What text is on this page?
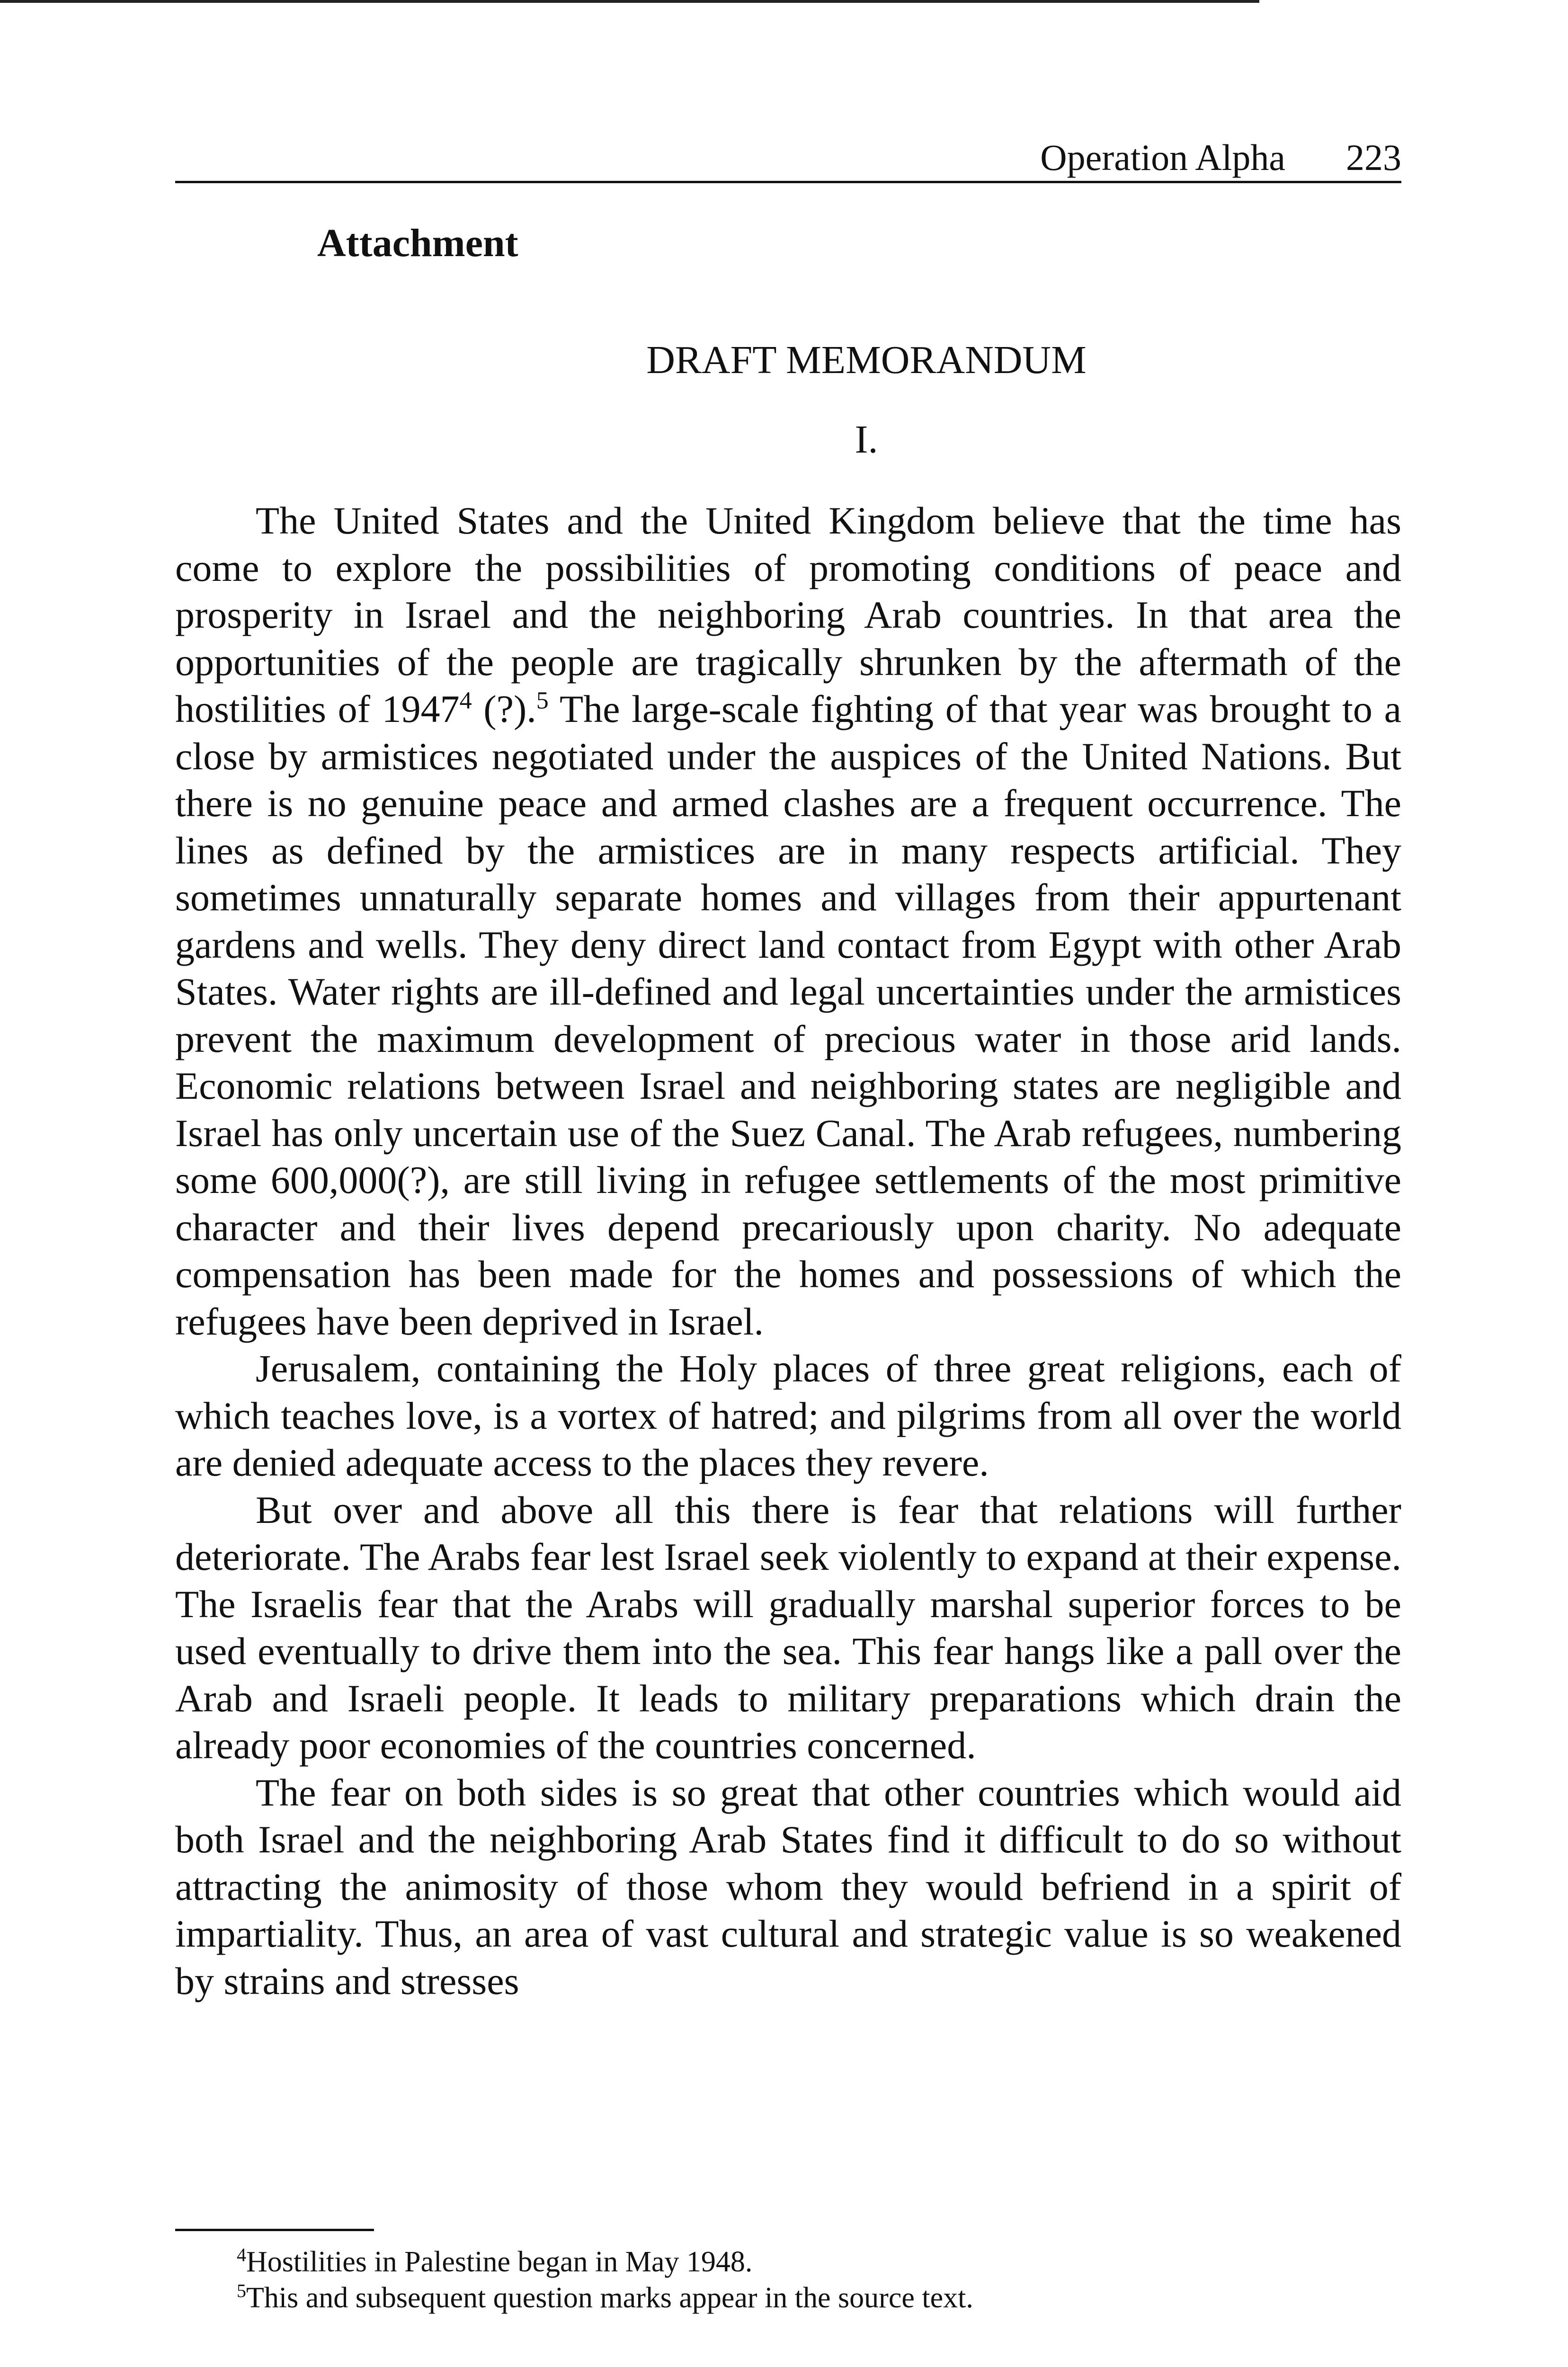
Operation Alpha 223
Attachment
DRAFT MEMORANDUM
I.

The United States and the United Kingdom believe that the time has come to explore the possibilities of promoting conditions of peace and prosperity in Israel and the neighboring Arab countries. In that area the opportunities of the people are tragically shrunken by the aftermath of the hostilities of 1947$^4$ (?).$^5$ The large-scale fighting of that year was brought to a close by armistices negotiated under the auspices of the United Nations. But there is no genuine peace and armed clashes are a frequent occurrence. The lines as defined by the armistices are in many respects artificial. They sometimes unnaturally separate homes and villages from their appurtenant gardens and wells. They deny direct land contact from Egypt with other Arab States. Water rights are ill-defined and legal uncertainties under the armistices prevent the maximum development of precious water in those arid lands. Economic relations between Israel and neighboring states are negligible and Israel has only uncertain use of the Suez Canal. The Arab refugees, numbering some 600,000(?), are still living in refugee settlements of the most primitive character and their lives depend precariously upon charity. No adequate compensation has been made for the homes and possessions of which the refugees have been deprived in Israel.

Jerusalem, containing the Holy places of three great religions, each of which teaches love, is a vortex of hatred; and pilgrims from all over the world are denied adequate access to the places they revere.

But over and above all this there is fear that relations will further deteriorate. The Arabs fear lest Israel seek violently to expand at their expense. The Israelis fear that the Arabs will gradually marshal superior forces to be used eventually to drive them into the sea. This fear hangs like a pall over the Arab and Israeli people. It leads to military preparations which drain the already poor economies of the countries concerned.

The fear on both sides is so great that other countries which would aid both Israel and the neighboring Arab States find it difficult to do so without attracting the animosity of those whom they would befriend in a spirit of impartiality. Thus, an area of vast cultural and strategic value is so weakened by strains and stresses

$^4$Hostilities in Palestine began in May 1948.
$^5$This and subsequent question marks appear in the source text.
